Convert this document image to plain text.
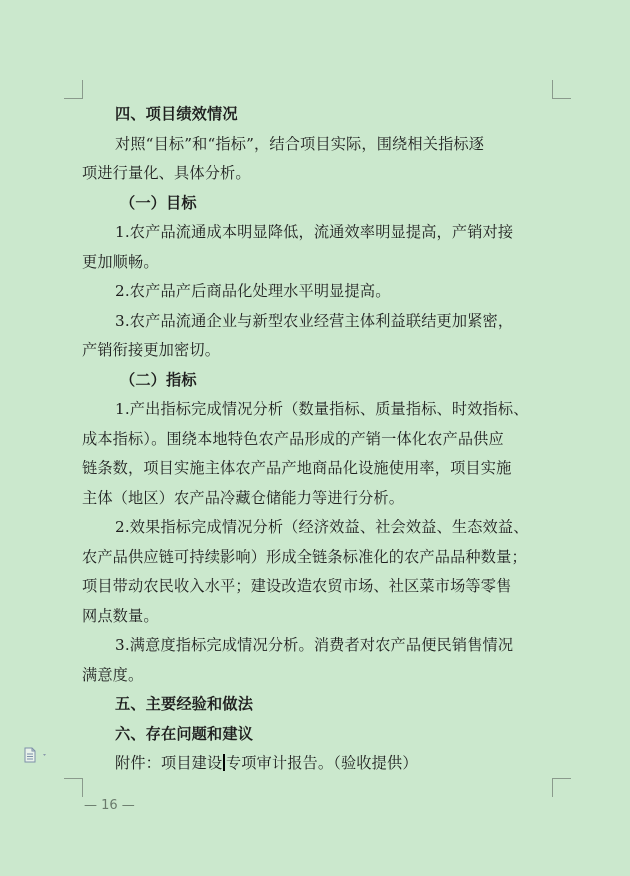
四、项目绩效情况
对照“目标”和“指标”，结合项目实际，围绕相关指标逐
项进行量化、具体分析。
（一）目标
1.农产品流通成本明显降低，流通效率明显提高，产销对接
更加顺畅。
2.农产品产后商品化处理水平明显提高。
3.农产品流通企业与新型农业经营主体利益联结更加紧密，
产销衔接更加密切。
（二）指标
1.产出指标完成情况分析（数量指标、质量指标、时效指标、
成本指标）。围绕本地特色农产品形成的产销一体化农产品供应
链条数，项目实施主体农产品产地商品化设施使用率，项目实施
主体（地区）农产品冷藏仓储能力等进行分析。
2.效果指标完成情况分析（经济效益、社会效益、生态效益、
农产品供应链可持续影响）形成全链条标准化的农产品品种数量；
项目带动农民收入水平；建设改造农贸市场、社区菜市场等零售
网点数量。
3.满意度指标完成情况分析。消费者对农产品便民销售情况
满意度。
五、主要经验和做法
六、存在问题和建议
附件：项目建设 专项审计报告。（验收提供）
— 16 —
